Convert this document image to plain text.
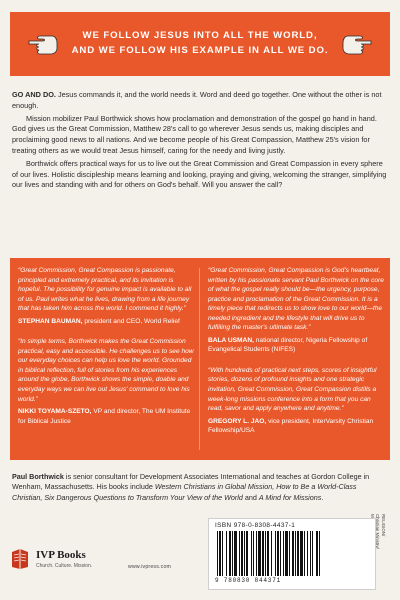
WE FOLLOW JESUS INTO ALL THE WORLD,
AND WE FOLLOW HIS EXAMPLE IN ALL WE DO.

GO AND DO. Jesus commands it, and the world needs it. Word and deed go together. One without the other is not enough.

Mission mobilizer Paul Borthwick shows how proclamation and demonstration of the gospel go hand in hand. God gives us the Great Commission, Matthew 28's call to go wherever Jesus sends us, making disciples and proclaiming good news to all nations. And we become people of his Great Compassion, Matthew 25's vision for treating others as we would treat Jesus himself, caring for the needy and living justly.

Borthwick offers practical ways for us to live out the Great Commission and Great Compassion in every sphere of our lives. Holistic discipleship means learning and looking, praying and giving, welcoming the stranger, simplifying our lives and standing with and for others on God's behalf. Will you answer the call?

“Great Commission, Great Compassion is passionate, principled and extremely practical, and its invitation is hopeful. The possibility for genuine impact is available to all of us. Paul writes what he lives, drawing from a life journey that has taken him across the world. I commend it highly.”
STEPHAN BAUMAN, president and CEO, World Relief
“In simple terms, Borthwick makes the Great Commission practical, easy and accessible. He challenges us to see how our everyday choices can help us love the world. Grounded in biblical reflection, full of stories from his experiences around the globe, Borthwick shows the simple, doable and everyday ways we can live out Jesus' command to love his world.”
NIKKI TOYAMA-SZETO, VP and director, The UM Institute for Biblical Justice
“Great Commission, Great Compassion is God's heartbeat, written by his passionate servant Paul Borthwick on the core of what the gospel really should be—the urgency, purpose, practice and proclamation of the Great Commission. It is a timely piece that redirects us to show love to our world—the needed ingredient and the lifestyle that will drive us to fulfilling the master's ultimate task.”
BALA USMAN, national director, Nigeria Fellowship of Evangelical Students (NIFES)
“With hundreds of practical next steps, scores of insightful stories, dozens of profound insights and one strategic invitation, Great Commission, Great Compassion distills a week-long missions conference into a form that you can read, savor and apply anywhere and anytime.”
GREGORY L. JAO, vice president, InterVarsity Christian Fellowship/USA
Paul Borthwick is senior consultant for Development Associates International and teaches at Gordon College in Wenham, Massachusetts. His books include Western Christians in Global Mission, How to Be a World-Class Christian, Six Dangerous Questions to Transform Your View of the World and A Mind for Missions.
RELIGION/
Christian Ministry/
ISBN 978-0-8308-4437-1
9 780830 844371
IVP Books
Church. Culture. Mission.	www.ivpress.com
